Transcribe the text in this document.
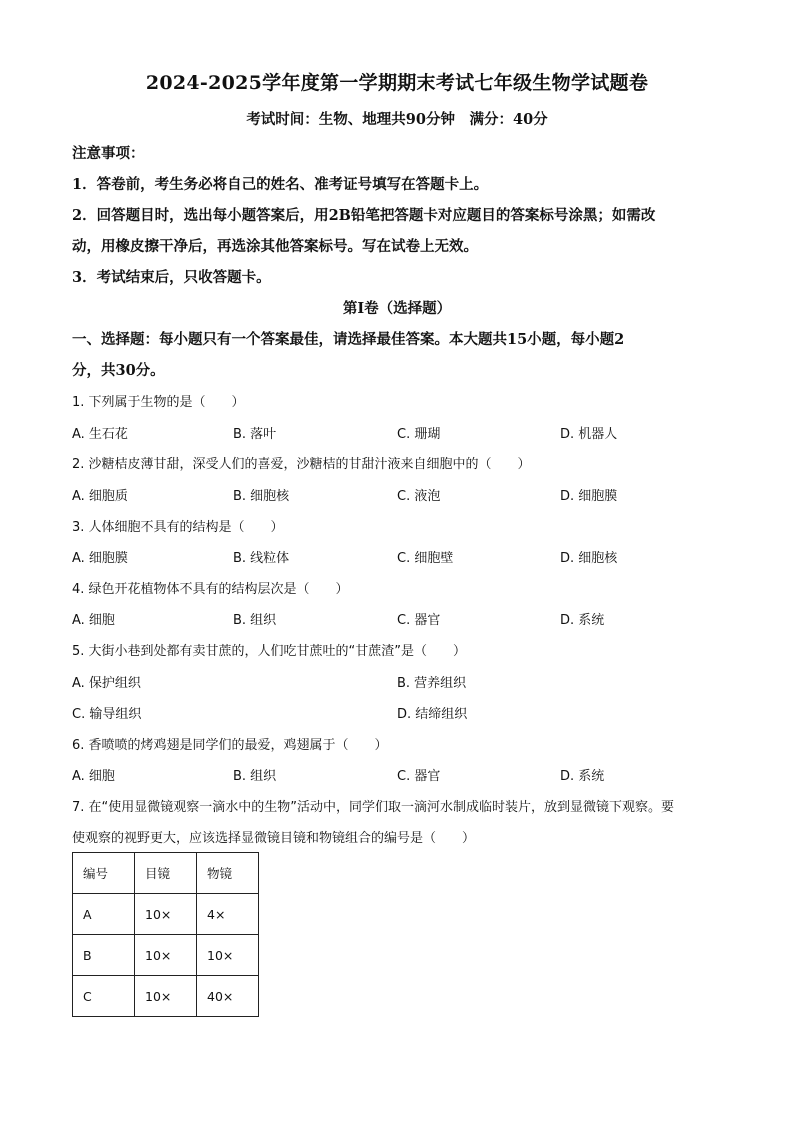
2024-2025学年度第一学期期末考试七年级生物学试题卷
考试时间：生物、地理共90分钟　满分：40分
注意事项：
1．答卷前，考生务必将自己的姓名、准考证号填写在答题卡上。
2．回答题目时，选出每小题答案后，用2B铅笔把答题卡对应题目的答案标号涂黑；如需改
动，用橡皮擦干净后，再选涂其他答案标号。写在试卷上无效。
3．考试结束后，只收答题卡。
第Ⅰ卷（选择题）
一、选择题：每小题只有一个答案最佳，请选择最佳答案。本大题共15小题，每小题2
分，共30分。
1. 下列属于生物的是（　　）
A. 生石花	B. 落叶	C. 珊瑚	D. 机器人
2. 沙糖桔皮薄甘甜，深受人们的喜爱，沙糖桔的甘甜汁液来自细胞中的（　　）
A. 细胞质	B. 细胞核	C. 液泡	D. 细胞膜
3. 人体细胞不具有的结构是（　　）
A. 细胞膜	B. 线粒体	C. 细胞壁	D. 细胞核
4. 绿色开花植物体不具有的结构层次是（　　）
A. 细胞	B. 组织	C. 器官	D. 系统
5. 大街小巷到处都有卖甘蔗的，人们吃甘蔗吐的“甘蔗渣”是（　　）
A. 保护组织	B. 营养组织
C. 输导组织	D. 结缔组织
6. 香喷喷的烤鸡翅是同学们的最爱，鸡翅属于（　　）
A. 细胞	B. 组织	C. 器官	D. 系统
7. 在“使用显微镜观察一滴水中的生物”活动中，同学们取一滴河水制成临时装片，放到显微镜下观察。要
使观察的视野更大，应该选择显微镜目镜和物镜组合的编号是（　　）
编号	目镜	物镜
A	10×	4×
B	10×	10×
C	10×	40×
